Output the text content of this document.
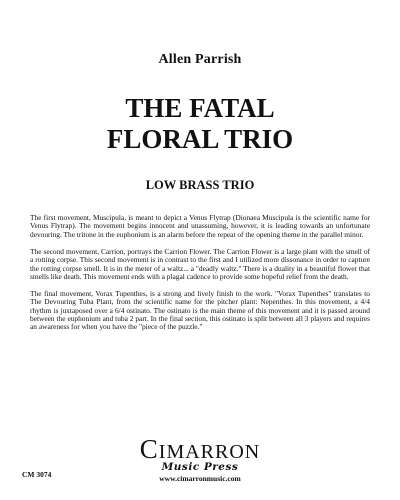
Allen Parrish
THE FATAL
FLORAL TRIO
LOW BRASS TRIO

The first movement, Muscipula, is meant to depict a Venus Flytrap (Dionaea Muscipula is the scientific name for Venus Flytrap). The movement begins innocent and unassuming, however, it is leading towards an unfortunate devouring. The tritone in the euphonium is an alarm before the repeat of the opening theme in the parallel minor.

The second movement, Carrion, portrays the Carrion Flower. The Carrion Flower is a large plant with the smell of a rotting corpse. This second movement is in contrast to the first and I utilized more dissonance in order to capture the rotting corpse smell. It is in the meter of a waltz... a "deadly waltz." There is a duality in a beautiful flower that smells like death. This movement ends with a plagal cadence to provide some hopeful relief from the death.

The final movement, Vorax Tupenthes, is a strong and lively finish to the work. "Vorax Tupenthes" translates to The Devouring Tuba Plant, from the scientific name for the pitcher plant: Nepenthes. In this movement, a 4/4 rhythm is juxtaposed over a 6/4 ostinato. The ostinato is the main theme of this movement and it is passed around between the euphonium and tuba 2 part. In the final section, this ostinato is split between all 3 players and requires an awareness for when you have the "piece of the puzzle."

CIMARRON
Music Press
www.cimarronmusic.com
CM 3074
